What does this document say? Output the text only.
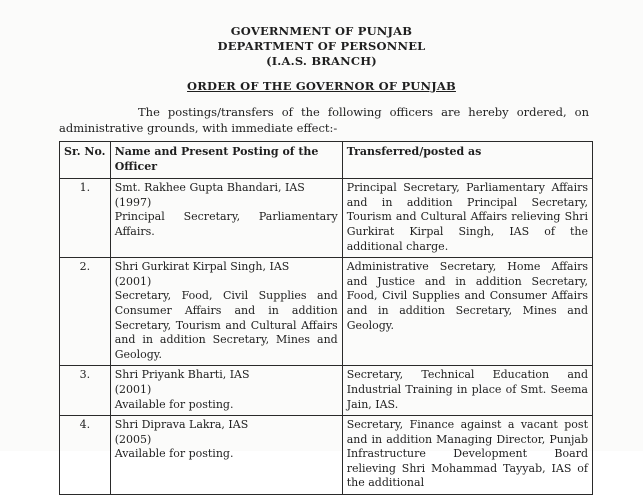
GOVERNMENT OF PUNJAB
DEPARTMENT OF PERSONNEL
(I.A.S. BRANCH)
ORDER OF THE GOVERNOR OF PUNJAB
The postings/transfers of the following officers are hereby ordered, on administrative grounds, with immediate effect:-
Sr. No.	Name and Present Posting of the Officer	Transferred/posted as
1.	Smt. Rakhee Gupta Bhandari, IAS
(1997)
Principal Secretary, Parliamentary Affairs.	Principal Secretary, Parliamentary Affairs and in addition Principal Secretary, Tourism and Cultural Affairs relieving Shri Gurkirat Kirpal Singh, IAS of the additional charge.
2.	Shri Gurkirat Kirpal Singh, IAS
(2001)
Secretary, Food, Civil Supplies and Consumer Affairs and in addition Secretary, Tourism and Cultural Affairs and in addition Secretary, Mines and Geology.	Administrative Secretary, Home Affairs and Justice and in addition Secretary, Food, Civil Supplies and Consumer Affairs and in addition Secretary, Mines and Geology.
3.	Shri Priyank Bharti, IAS
(2001)
Available for posting.	Secretary, Technical Education and Industrial Training in place of Smt. Seema Jain, IAS.
4.	Shri Diprava Lakra, IAS
(2005)
Available for posting.	Secretary, Finance against a vacant post and in addition Managing Director, Punjab Infrastructure Development Board relieving Shri Mohammad Tayyab, IAS of the additional
